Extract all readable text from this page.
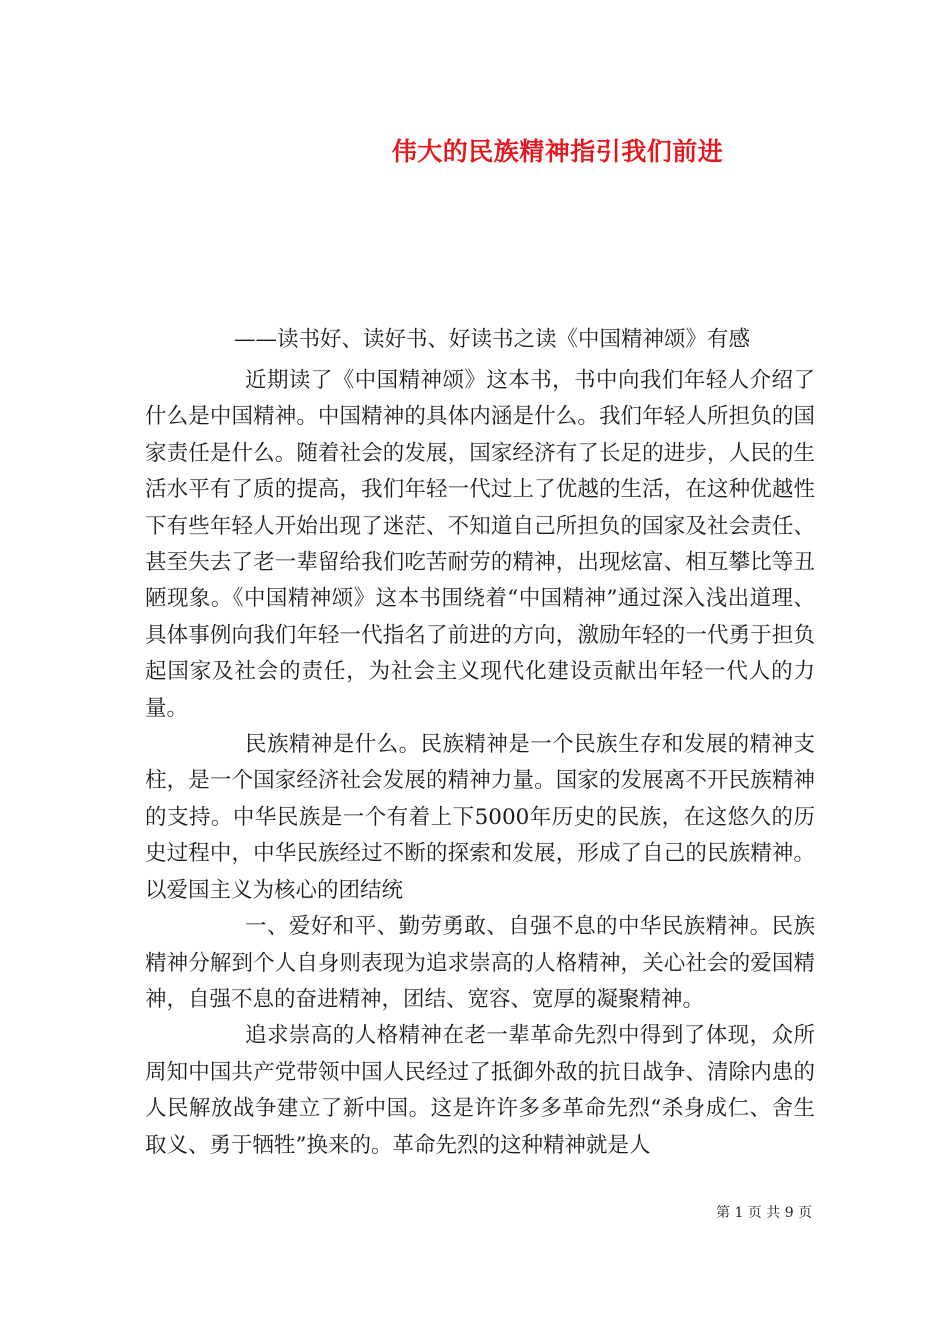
伟大的民族精神指引我们前进

——读书好、读好书、好读书之读《中国精神颂》有感

近期读了《中国精神颂》这本书，书中向我们年轻人介绍了什么是中国精神。中国精神的具体内涵是什么。我们年轻人所担负的国家责任是什么。随着社会的发展，国家经济有了长足的进步，人民的生活水平有了质的提高，我们年轻一代过上了优越的生活，在这种优越性下有些年轻人开始出现了迷茫、不知道自己所担负的国家及社会责任、甚至失去了老一辈留给我们吃苦耐劳的精神，出现炫富、相互攀比等丑陋现象。《中国精神颂》这本书围绕着“中国精神”通过深入浅出道理、具体事例向我们年轻一代指名了前进的方向，激励年轻的一代勇于担负起国家及社会的责任，为社会主义现代化建设贡献出年轻一代人的力量。

民族精神是什么。民族精神是一个民族生存和发展的精神支柱，是一个国家经济社会发展的精神力量。国家的发展离不开民族精神的支持。中华民族是一个有着上下5000年历史的民族，在这悠久的历史过程中，中华民族经过不断的探索和发展，形成了自己的民族精神。以爱国主义为核心的团结统

一、爱好和平、勤劳勇敢、自强不息的中华民族精神。民族精神分解到个人自身则表现为追求崇高的人格精神，关心社会的爱国精神，自强不息的奋进精神，团结、宽容、宽厚的凝聚精神。

追求崇高的人格精神在老一辈革命先烈中得到了体现，众所周知中国共产党带领中国人民经过了抵御外敌的抗日战争、清除内患的人民解放战争建立了新中国。这是许许多多革命先烈“杀身成仁、舍生取义、勇于牺牲”换来的。革命先烈的这种精神就是人

第 1 页 共 9 页
